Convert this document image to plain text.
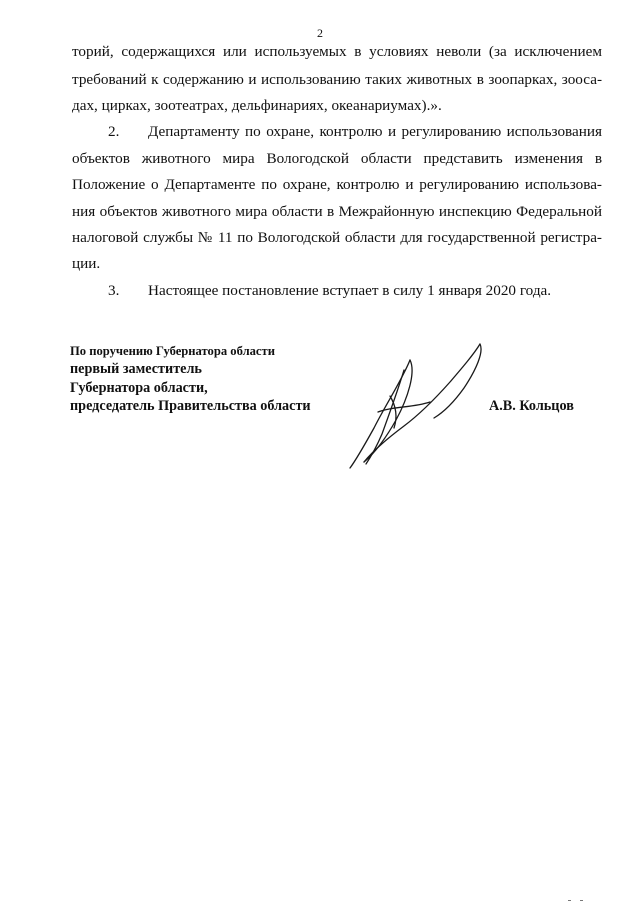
2
торий, содержащихся или используемых в условиях неволи (за исключением
требований к содержанию и использованию таких животных в зоопарках, зооса-
дах, цирках, зоотеатрах, дельфинариях, океанариумах).».
2. Департаменту по охране, контролю и регулированию использования
объектов животного мира Вологодской области представить изменения в
Положение о Департаменте по охране, контролю и регулированию использова-
ния объектов животного мира области в Межрайонную инспекцию Федеральной
налоговой службы № 11 по Вологодской области для государственной регистра-
ции.
3. Настоящее постановление вступает в силу 1 января 2020 года.
По поручению Губернатора области
первый заместитель
Губернатора области,
председатель Правительства области	А.В. Кольцов
